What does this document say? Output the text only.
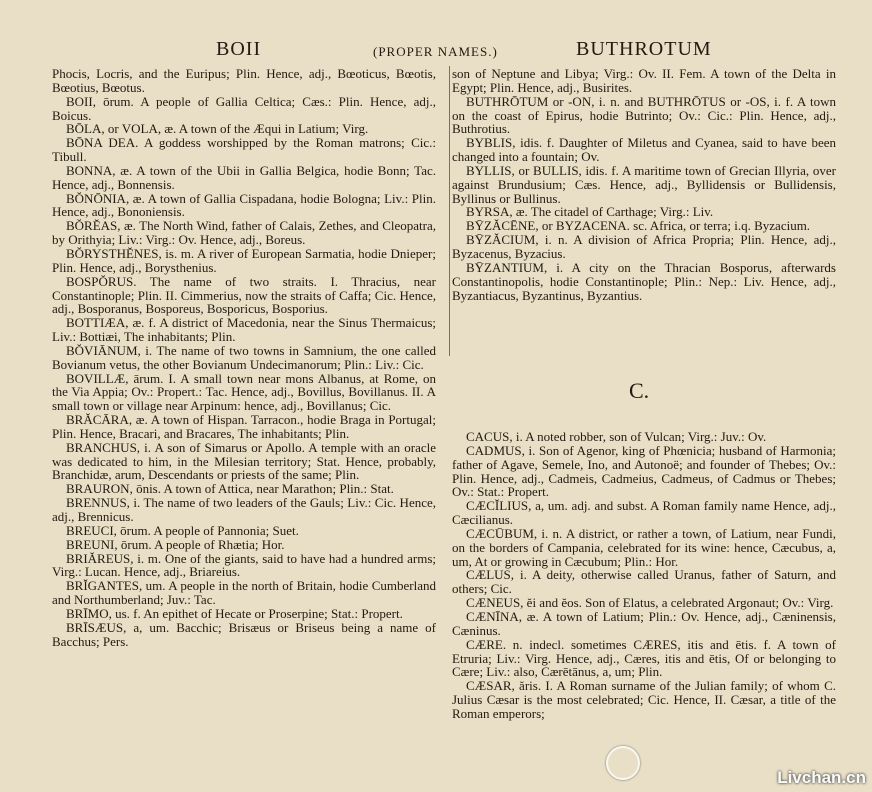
BOII	(PROPER NAMES.)	BUTHROTUM

Phocis, Locris, and the Euripus; Plin. Hence, adj., Bœoticus, Bœotis, Bœotius, Bœotus.

BOII, ōrum. A people of Gallia Celtica; Cæs.: Plin. Hence, adj., Boicus.

BŌLA, or VOLA, æ. A town of the Æqui in Latium; Virg.

BŌNA DEA. A goddess worshipped by the Roman matrons; Cic.: Tibull.

BONNA, æ. A town of the Ubii in Gallia Belgica, hodie Bonn; Tac. Hence, adj., Bonnensis.

BŎNŌNIA, æ. A town of Gallia Cispadana, hodie Bologna; Liv.: Plin. Hence, adj., Bononiensis.

BŎRĔAS, æ. The North Wind, father of Calais, Zethes, and Cleopatra, by Orithyia; Liv.: Virg.: Ov. Hence, adj., Boreus.

BŎRYSTHĔNES, is. m. A river of European Sarmatia, hodie Dnieper; Plin. Hence, adj., Borysthenius.

BOSPŎRUS. The name of two straits. I. Thracius, near Constantinople; Plin. II. Cimmerius, now the straits of Caffa; Cic. Hence, adj., Bosporanus, Bosporeus, Bosporicus, Bosporius.

BOTTIÆA, æ. f. A district of Macedonia, near the Sinus Thermaicus; Liv.: Bottiæi, The inhabitants; Plin.

BŎVIĀNUM, i. The name of two towns in Samnium, the one called Bovianum vetus, the other Bovianum Undecimanorum; Plin.: Liv.: Cic.

BOVILLÆ, ārum. I. A small town near mons Albanus, at Rome, on the Via Appia; Ov.: Propert.: Tac. Hence, adj., Bovillus, Bovillanus. II. A small town or village near Arpinum: hence, adj., Bovillanus; Cic.

BRĂCĀRA, æ. A town of Hispan. Tarracon., hodie Braga in Portugal; Plin. Hence, Bracari, and Bracares, The inhabitants; Plin.

BRANCHUS, i. A son of Simarus or Apollo. A temple with an oracle was dedicated to him, in the Milesian territory; Stat. Hence, probably, Branchidæ, arum, Descendants or priests of the same; Plin.

BRAURON, ōnis. A town of Attica, near Marathon; Plin.: Stat.

BRENNUS, i. The name of two leaders of the Gauls; Liv.: Cic. Hence, adj., Brennicus.

BREUCI, ōrum. A people of Pannonia; Suet.

BREUNI, ōrum. A people of Rhætia; Hor.

BRIĂREUS, i. m. One of the giants, said to have had a hundred arms; Virg.: Lucan. Hence, adj., Briareius.

BRĬGANTES, um. A people in the north of Britain, hodie Cumberland and Northumberland; Juv.: Tac.

BRĪMO, us. f. An epithet of Hecate or Proserpine; Stat.: Propert.

BRĪSÆUS, a, um. Bacchic; Brisæus or Briseus being a name of Bacchus; Pers.

son of Neptune and Libya; Virg.: Ov. II. Fem. A town of the Delta in Egypt; Plin. Hence, adj., Busirites.

BUTHRŌTUM or -ON, i. n. and BUTHRŌTUS or -OS, i. f. A town on the coast of Epirus, hodie Butrinto; Ov.: Cic.: Plin. Hence, adj., Buthrotius.

BYBLIS, idis. f. Daughter of Miletus and Cyanea, said to have been changed into a fountain; Ov.

BYLLIS, or BULLIS, idis. f. A maritime town of Grecian Illyria, over against Brundusium; Cæs. Hence, adj., Byllidensis or Bullidensis, Byllinus or Bullinus.

BYRSA, æ. The citadel of Carthage; Virg.: Liv.

BȲZĂCĒNE, or BYZACENA. sc. Africa, or terra; i.q. Byzacium.

BȲZĂCIUM, i. n. A division of Africa Propria; Plin. Hence, adj., Byzacenus, Byzacius.

BȲZANTIUM, i. A city on the Thracian Bosporus, afterwards Constantinopolis, hodie Constantinople; Plin.: Nep.: Liv. Hence, adj., Byzantiacus, Byzantinus, Byzantius.

C.

CACUS, i. A noted robber, son of Vulcan; Virg.: Juv.: Ov.

CADMUS, i. Son of Agenor, king of Phœnicia; husband of Harmonia; father of Agave, Semele, Ino, and Autonoë; and founder of Thebes; Ov.: Plin. Hence, adj., Cadmeis, Cadmeius, Cadmeus, of Cadmus or Thebes; Ov.: Stat.: Propert.

CÆCĬLIUS, a, um. adj. and subst. A Roman family name Hence, adj., Cæcilianus.

CÆCŪBUM, i. n. A district, or rather a town, of Latium, near Fundi, on the borders of Campania, celebrated for its wine: hence, Cæcubus, a, um, At or growing in Cæcubum; Plin.: Hor.

CÆLUS, i. A deity, otherwise called Uranus, father of Saturn, and others; Cic.

CÆNEUS, ĕi and ĕos. Son of Elatus, a celebrated Argonaut; Ov.: Virg.

CÆNĪNA, æ. A town of Latium; Plin.: Ov. Hence, adj., Cæninensis, Cæninus.

CÆRE. n. indecl. sometimes CÆRES, itis and ētis. f. A town of Etruria; Liv.: Virg. Hence, adj., Cæres, itis and ētis, Of or belonging to Cære; Liv.: also, Cærētānus, a, um; Plin.

CÆSAR, ăris. I. A Roman surname of the Julian family; of whom C. Julius Cæsar is the most celebrated; Cic. Hence, II. Cæsar, a title of the Roman emperors;

Livchan.cn
